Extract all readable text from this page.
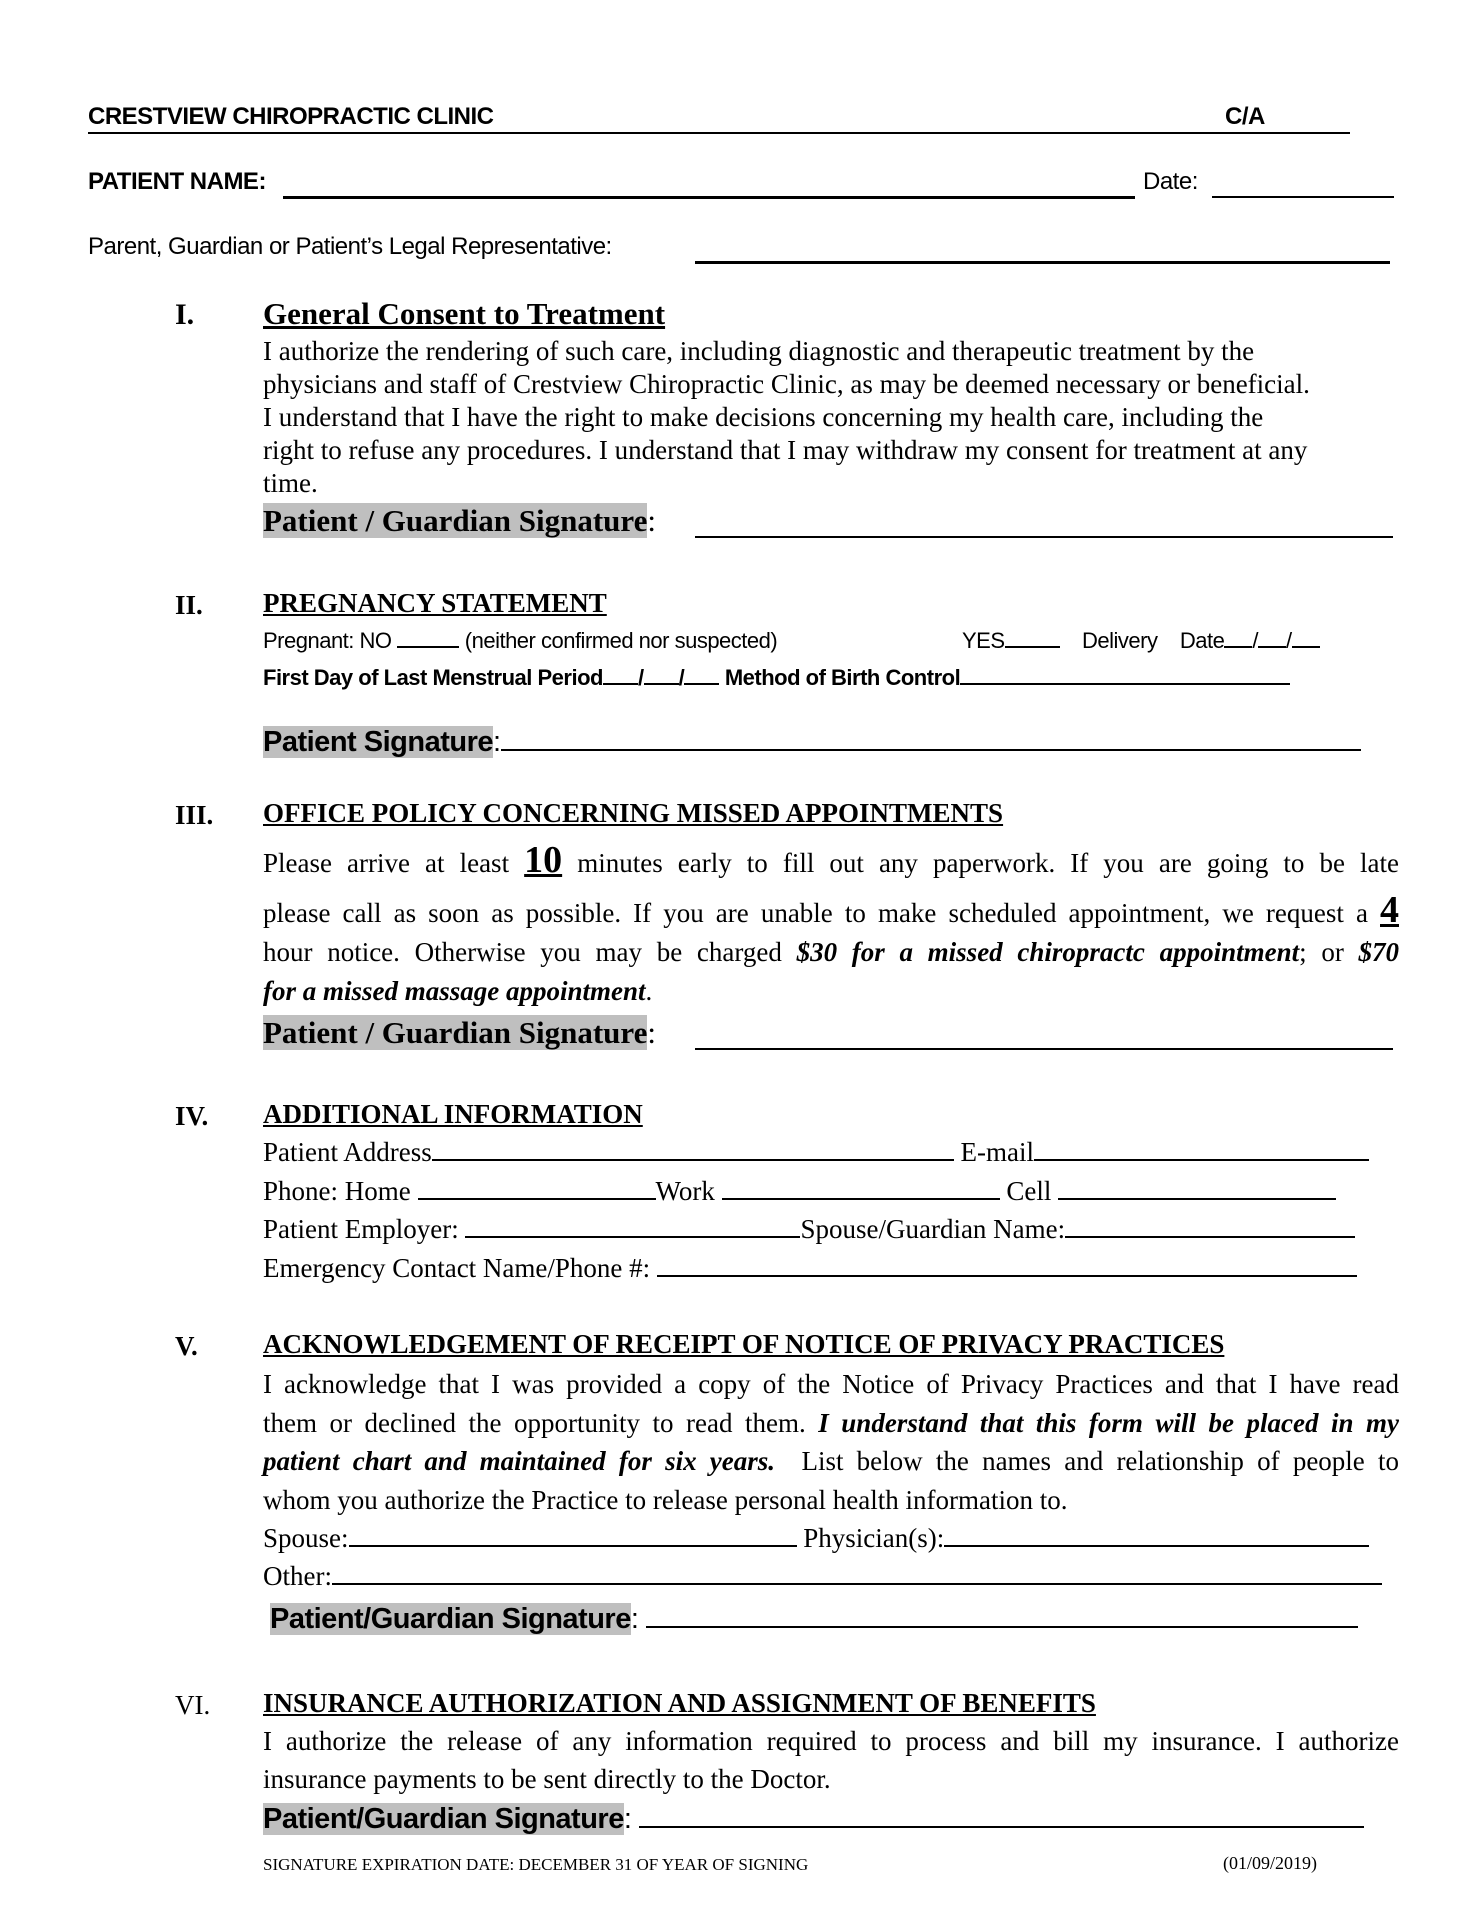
CRESTVIEW CHIROPRACTIC CLINIC	C/A
PATIENT NAME:	Date:
Parent, Guardian or Patient’s Legal Representative:
I. General Consent to Treatment
I authorize the rendering of such care, including diagnostic and therapeutic treatment by the
physicians and staff of Crestview Chiropractic Clinic, as may be deemed necessary or beneficial.
I understand that I have the right to make decisions concerning my health care, including the
right to refuse any procedures. I understand that I may withdraw my consent for treatment at any
time.
Patient / Guardian Signature:
II. PREGNANCY STATEMENT
Pregnant: NO	(neither confirmed nor suspected)	YES	Delivery Date / /
First Day of Last Menstrual Period / / Method of Birth Control
Patient Signature:
III. OFFICE POLICY CONCERNING MISSED APPOINTMENTS
Please arrive at least 10 minutes early to fill out any paperwork. If you are going to be late
please call as soon as possible. If you are unable to make scheduled appointment, we request a 4
hour notice. Otherwise you may be charged $30 for a missed chiropractc appointment; or $70
for a missed massage appointment.
Patient / Guardian Signature:
IV. ADDITIONAL INFORMATION
Patient Address	E-mail
Phone: Home	Work	Cell
Patient Employer:	Spouse/Guardian Name:
Emergency Contact Name/Phone #:
V. ACKNOWLEDGEMENT OF RECEIPT OF NOTICE OF PRIVACY PRACTICES
I acknowledge that I was provided a copy of the Notice of Privacy Practices and that I have read
them or declined the opportunity to read them. I understand that this form will be placed in my
patient chart and maintained for six years. List below the names and relationship of people to
whom you authorize the Practice to release personal health information to.
Spouse:	Physician(s):
Other:
Patient/Guardian Signature:
VI. INSURANCE AUTHORIZATION AND ASSIGNMENT OF BENEFITS
I authorize the release of any information required to process and bill my insurance. I authorize
insurance payments to be sent directly to the Doctor.
Patient/Guardian Signature:
SIGNATURE EXPIRATION DATE: DECEMBER 31 OF YEAR OF SIGNING	(01/09/2019)
